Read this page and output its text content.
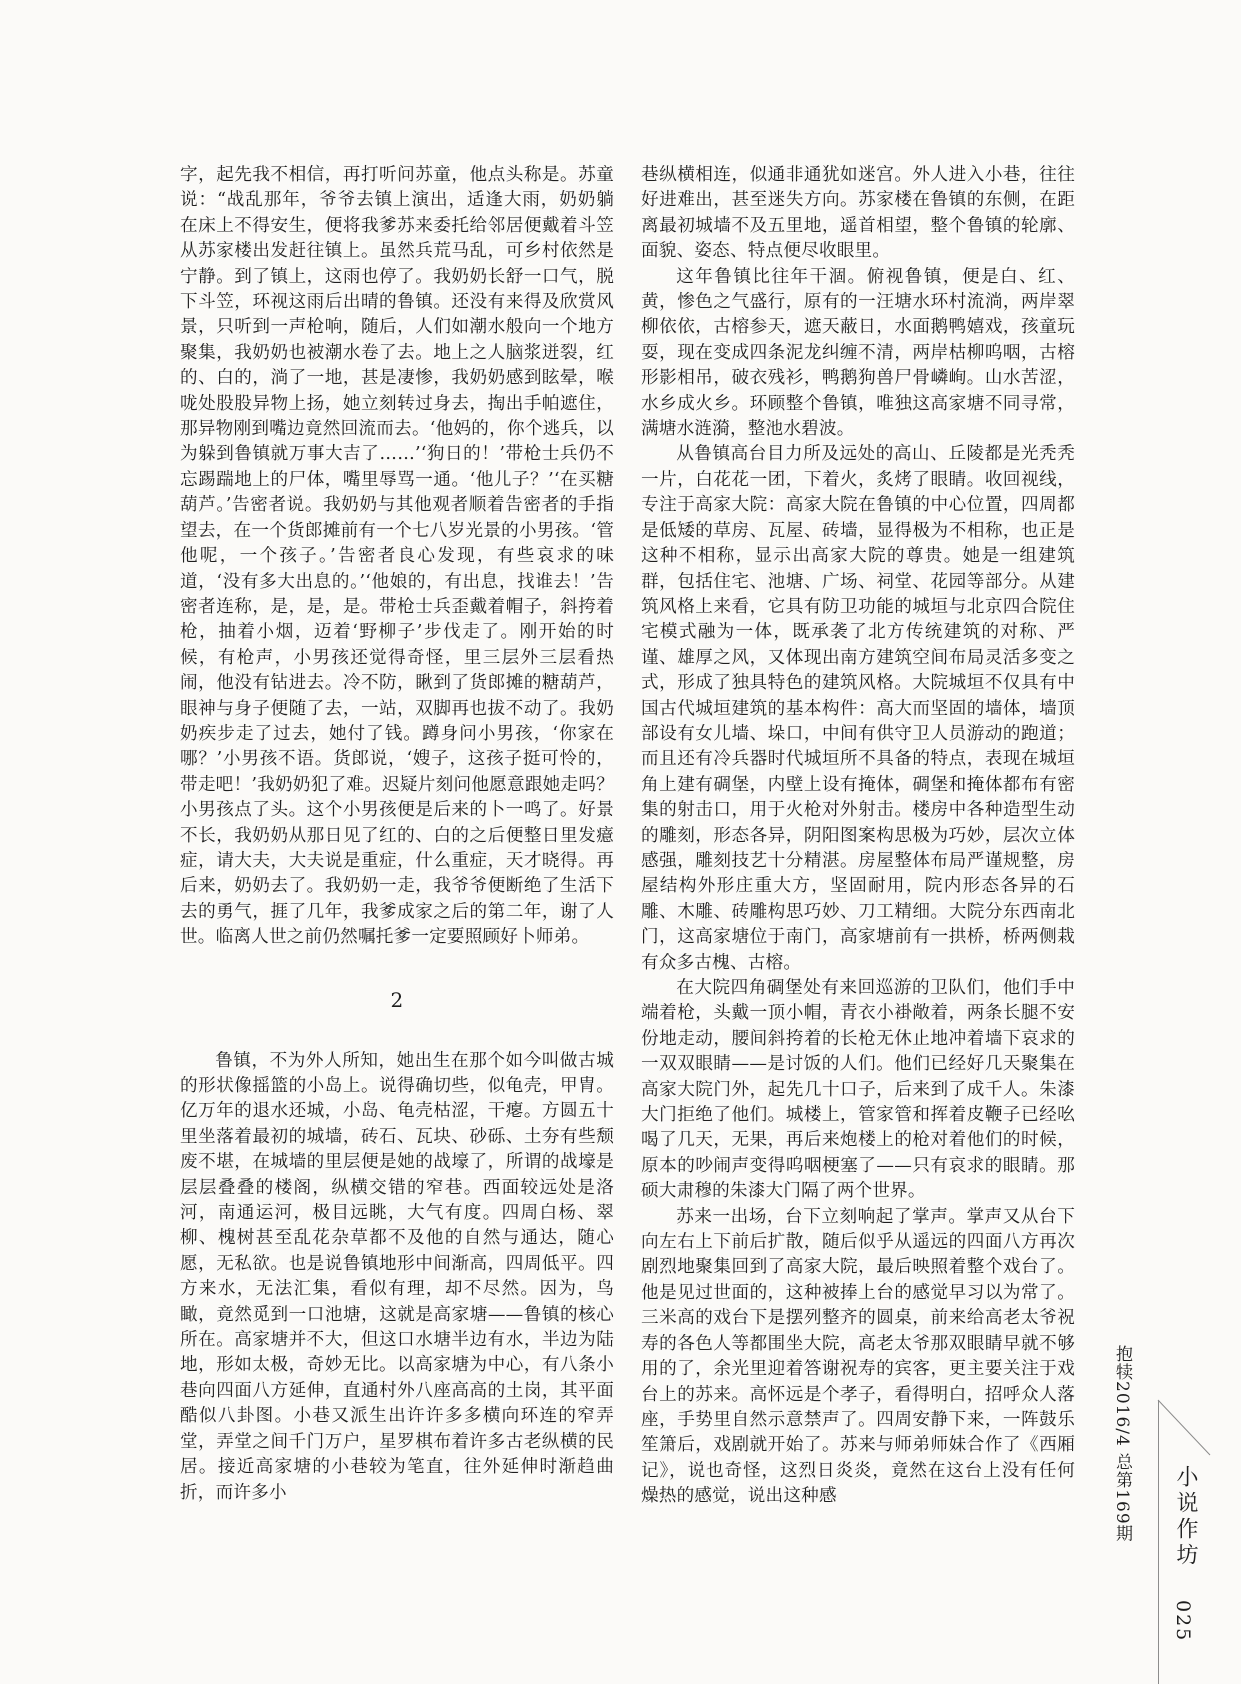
字，起先我不相信，再打听问苏童，他点头称是。苏童说：“战乱那年，爷爷去镇上演出，适逢大雨，奶奶躺在床上不得安生，便将我爹苏来委托给邻居便戴着斗笠从苏家楼出发赶往镇上。虽然兵荒马乱，可乡村依然是宁静。到了镇上，这雨也停了。我奶奶长舒一口气，脱下斗笠，环视这雨后出晴的鲁镇。还没有来得及欣赏风景，只听到一声枪响，随后，人们如潮水般向一个地方聚集，我奶奶也被潮水卷了去。地上之人脑浆迸裂，红的、白的，淌了一地，甚是凄惨，我奶奶感到眩晕，喉咙处股股异物上扬，她立刻转过身去，掏出手帕遮住，那异物刚到嘴边竟然回流而去。‘他妈的，你个逃兵，以为躲到鲁镇就万事大吉了……’‘狗日的！’带枪士兵仍不忘踢踹地上的尸体，嘴里辱骂一通。‘他儿子？’‘在买糖葫芦。’告密者说。我奶奶与其他观者顺着告密者的手指望去，在一个货郎摊前有一个七八岁光景的小男孩。‘管他呢，一个孩子。’告密者良心发现，有些哀求的味道，‘没有多大出息的。’‘他娘的，有出息，找谁去！’告密者连称，是，是，是。带枪士兵歪戴着帽子，斜挎着枪，抽着小烟，迈着‘野柳子’步伐走了。刚开始的时候，有枪声，小男孩还觉得奇怪，里三层外三层看热闹，他没有钻进去。冷不防，瞅到了货郎摊的糖葫芦，眼神与身子便随了去，一站，双脚再也拔不动了。我奶奶疾步走了过去，她付了钱。蹲身问小男孩，‘你家在哪？’小男孩不语。货郎说，‘嫂子，这孩子挺可怜的，带走吧！’我奶奶犯了难。迟疑片刻问他愿意跟她走吗？小男孩点了头。这个小男孩便是后来的卜一鸣了。好景不长，我奶奶从那日见了红的、白的之后便整日里发癔症，请大夫，大夫说是重症，什么重症，天才晓得。再后来，奶奶去了。我奶奶一走，我爷爷便断绝了生活下去的勇气，捱了几年，我爹成家之后的第二年，谢了人世。临离人世之前仍然嘱托爹一定要照顾好卜师弟。

2

鲁镇，不为外人所知，她出生在那个如今叫做古城的形状像摇篮的小岛上。说得确切些，似龟壳，甲胄。亿万年的退水还城，小岛、龟壳枯涩，干瘪。方圆五十里坐落着最初的城墙，砖石、瓦块、砂砾、土夯有些颓废不堪，在城墙的里层便是她的战壕了，所谓的战壕是层层叠叠的楼阁，纵横交错的窄巷。西面较远处是洛河，南通运河，极目远眺，大气有度。四周白杨、翠柳、槐树甚至乱花杂草都不及他的自然与通达，随心愿，无私欲。也是说鲁镇地形中间渐高，四周低平。四方来水，无法汇集，看似有理，却不尽然。因为，鸟瞰，竟然觅到一口池塘，这就是高家塘——鲁镇的核心所在。高家塘并不大，但这口水塘半边有水，半边为陆地，形如太极，奇妙无比。以高家塘为中心，有八条小巷向四面八方延伸，直通村外八座高高的土岗，其平面酷似八卦图。小巷又派生出许许多多横向环连的窄弄堂，弄堂之间千门万户，星罗棋布着许多古老纵横的民居。接近高家塘的小巷较为笔直，往外延伸时渐趋曲折，而许多小

巷纵横相连，似通非通犹如迷宫。外人进入小巷，往往好进难出，甚至迷失方向。苏家楼在鲁镇的东侧，在距离最初城墙不及五里地，遥首相望，整个鲁镇的轮廓、面貌、姿态、特点便尽收眼里。

这年鲁镇比往年干涸。俯视鲁镇，便是白、红、黄，惨色之气盛行，原有的一汪塘水环村流淌，两岸翠柳依依，古榕参天，遮天蔽日，水面鹅鸭嬉戏，孩童玩耍，现在变成四条泥龙纠缠不清，两岸枯柳呜咽，古榕形影相吊，破衣残衫，鸭鹅狗兽尸骨嶙峋。山水苦涩，水乡成火乡。环顾整个鲁镇，唯独这高家塘不同寻常，满塘水涟漪，整池水碧波。

从鲁镇高台目力所及远处的高山、丘陵都是光秃秃一片，白花花一团，下着火，炙烤了眼睛。收回视线，专注于高家大院：高家大院在鲁镇的中心位置，四周都是低矮的草房、瓦屋、砖墙，显得极为不相称，也正是这种不相称，显示出高家大院的尊贵。她是一组建筑群，包括住宅、池塘、广场、祠堂、花园等部分。从建筑风格上来看，它具有防卫功能的城垣与北京四合院住宅模式融为一体，既承袭了北方传统建筑的对称、严谨、雄厚之风，又体现出南方建筑空间布局灵活多变之式，形成了独具特色的建筑风格。大院城垣不仅具有中国古代城垣建筑的基本构件：高大而坚固的墙体，墙顶部设有女儿墙、垛口，中间有供守卫人员游动的跑道；而且还有冷兵器时代城垣所不具备的特点，表现在城垣角上建有碉堡，内壁上设有掩体，碉堡和掩体都布有密集的射击口，用于火枪对外射击。楼房中各种造型生动的雕刻，形态各异，阴阳图案构思极为巧妙，层次立体感强，雕刻技艺十分精湛。房屋整体布局严谨规整，房屋结构外形庄重大方，坚固耐用，院内形态各异的石雕、木雕、砖雕构思巧妙、刀工精细。大院分东西南北门，这高家塘位于南门，高家塘前有一拱桥，桥两侧栽有众多古槐、古榕。

在大院四角碉堡处有来回巡游的卫队们，他们手中端着枪，头戴一顶小帽，青衣小褂敞着，两条长腿不安份地走动，腰间斜挎着的长枪无休止地冲着墙下哀求的一双双眼睛——是讨饭的人们。他们已经好几天聚集在高家大院门外，起先几十口子，后来到了成千人。朱漆大门拒绝了他们。城楼上，管家管和挥着皮鞭子已经吆喝了几天，无果，再后来炮楼上的枪对着他们的时候，原本的吵闹声变得呜咽梗塞了——只有哀求的眼睛。那硕大肃穆的朱漆大门隔了两个世界。

苏来一出场，台下立刻响起了掌声。掌声又从台下向左右上下前后扩散，随后似乎从遥远的四面八方再次剧烈地聚集回到了高家大院，最后映照着整个戏台了。他是见过世面的，这种被捧上台的感觉早习以为常了。三米高的戏台下是摆列整齐的圆桌，前来给高老太爷祝寿的各色人等都围坐大院，高老太爷那双眼睛早就不够用的了，余光里迎着答谢祝寿的宾客，更主要关注于戏台上的苏来。高怀远是个孝子，看得明白，招呼众人落座，手势里自然示意禁声了。四周安静下来，一阵鼓乐笙箫后，戏剧就开始了。苏来与师弟师妹合作了《西厢记》，说也奇怪，这烈日炎炎，竟然在这台上没有任何燥热的感觉，说出这种感	抱犊2016/4 总第169期 小说作坊
025
